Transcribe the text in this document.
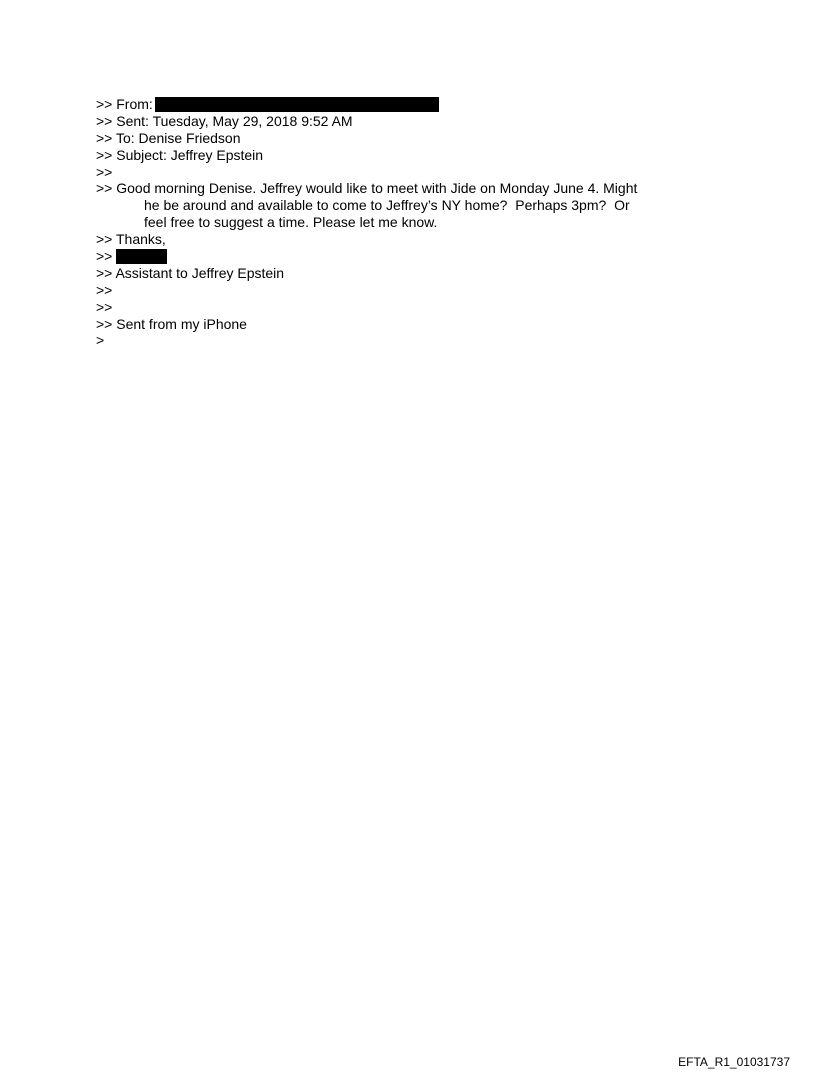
>> From:
>> Sent: Tuesday, May 29, 2018 9:52 AM
>> To: Denise Friedson
>> Subject: Jeffrey Epstein
>>
>> Good morning Denise. Jeffrey would like to meet with Jide on Monday June 4. Might
he be around and available to come to Jeffrey’s NY home?  Perhaps 3pm?  Or
feel free to suggest a time. Please let me know.
>> Thanks,
>>
>> Assistant to Jeffrey Epstein
>>
>>
>> Sent from my iPhone
>
EFTA_R1_01031737
